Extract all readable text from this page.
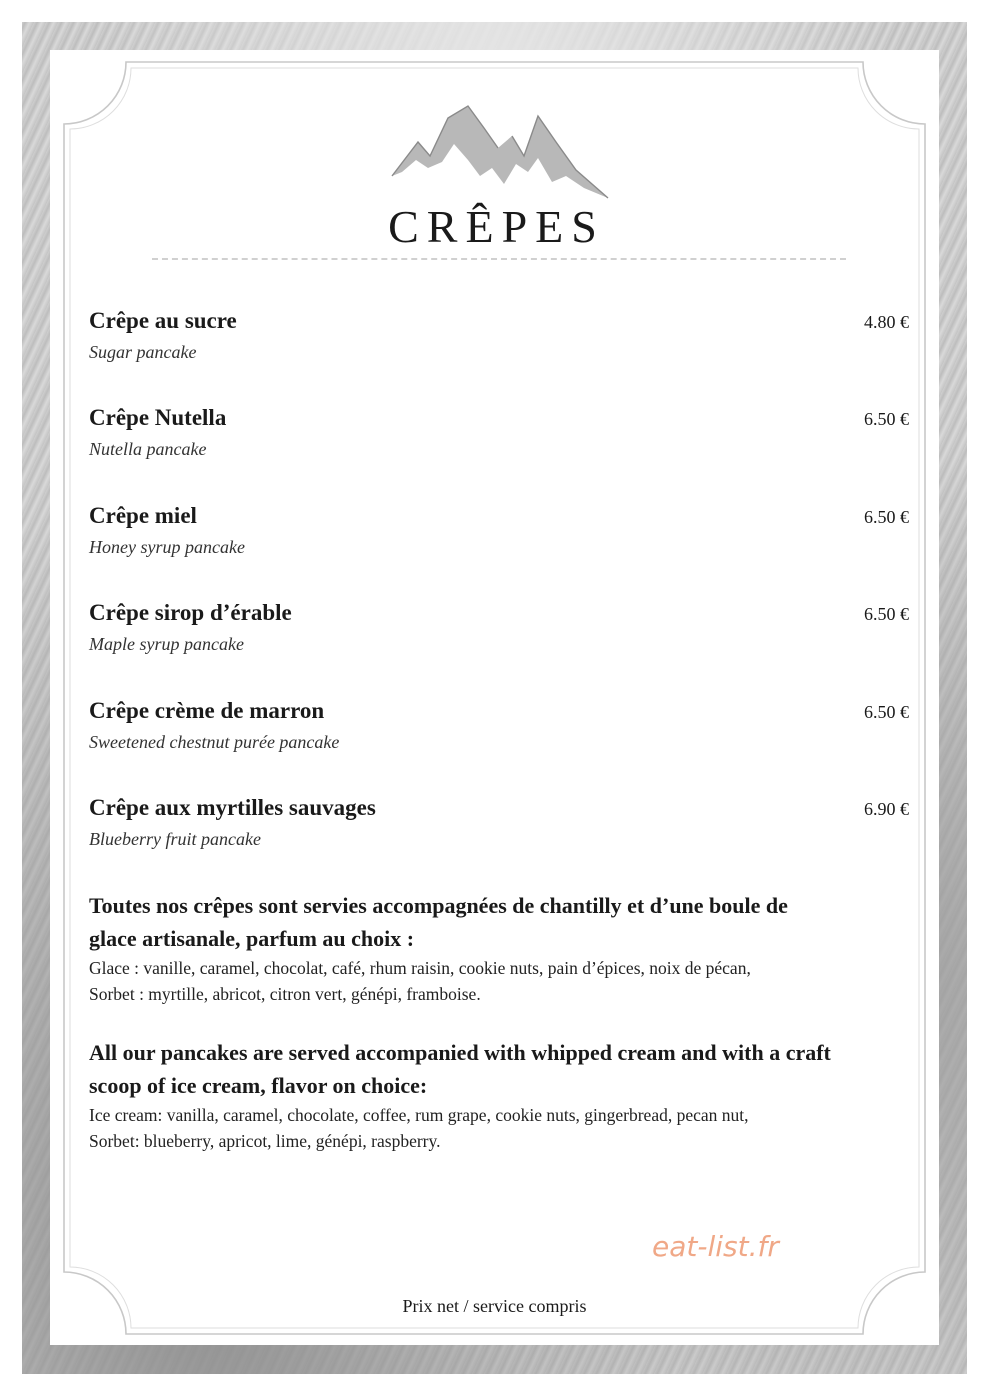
CRÊPES
Crêpe au sucre
Sugar pancake
4.80 €
Crêpe Nutella
Nutella pancake
6.50 €
Crêpe miel
Honey syrup pancake
6.50 €
Crêpe sirop d’érable
Maple syrup pancake
6.50 €
Crêpe crème de marron
Sweetened chestnut purée pancake
6.50 €
Crêpe aux myrtilles sauvages
Blueberry fruit pancake
6.90 €
Toutes nos crêpes sont servies accompagnées de chantilly et d’une boule de
glace artisanale, parfum au choix :
Glace : vanille, caramel, chocolat, café, rhum raisin, cookie nuts, pain d’épices, noix de pécan,
Sorbet : myrtille, abricot, citron vert, génépi, framboise.
All our pancakes are served accompanied with whipped cream and with a craft
scoop of ice cream, flavor on choice:
Ice cream: vanilla, caramel, chocolate, coffee, rum grape, cookie nuts, gingerbread, pecan nut,
Sorbet: blueberry, apricot, lime, génépi, raspberry.
eat-list.fr
Prix net / service compris
